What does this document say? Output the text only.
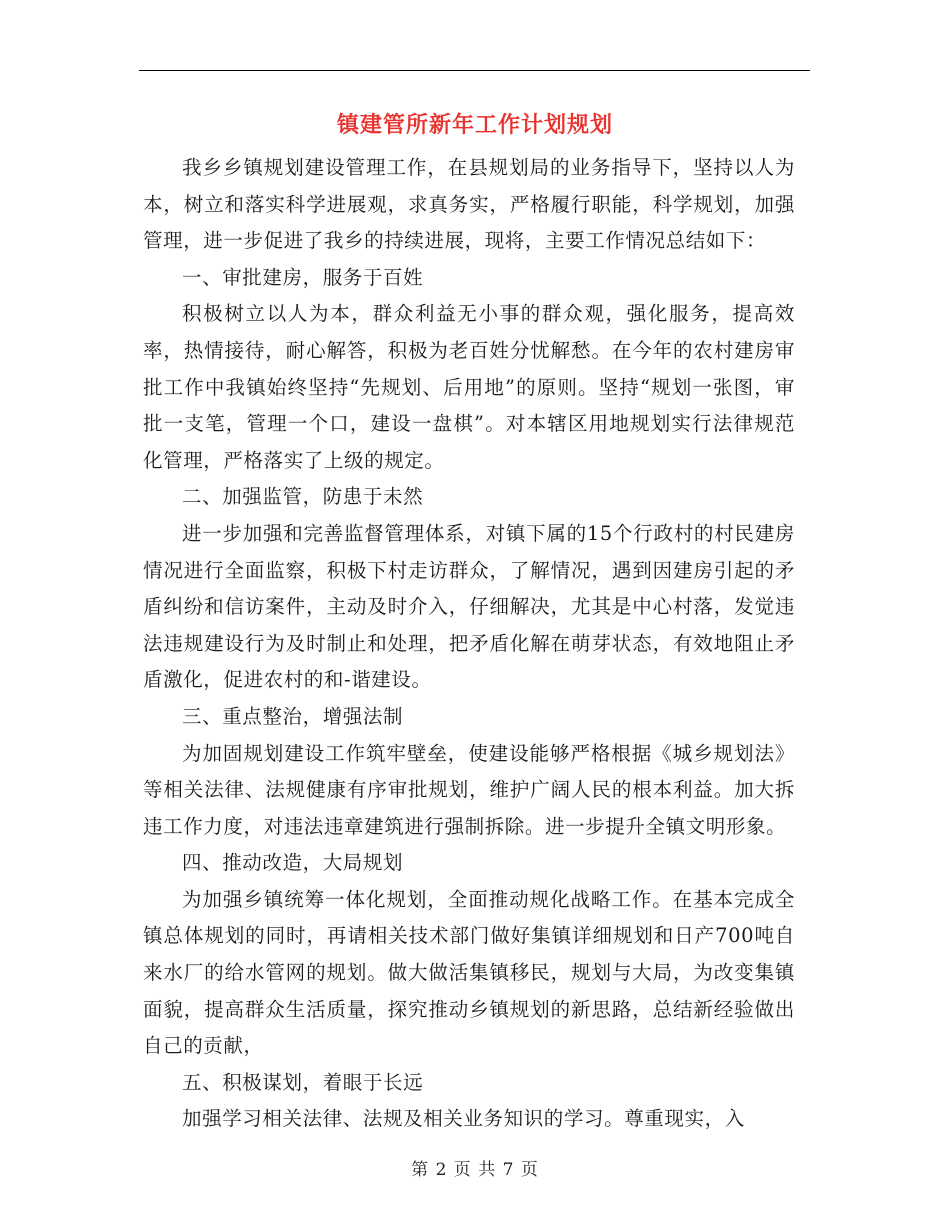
镇建管所新年工作计划规划

我乡乡镇规划建设管理工作，在县规划局的业务指导下，坚持以人为本，树立和落实科学进展观，求真务实，严格履行职能，科学规划，加强管理，进一步促进了我乡的持续进展，现将，主要工作情况总结如下：

一、审批建房，服务于百姓

积极树立以人为本，群众利益无小事的群众观，强化服务，提高效率，热情接待，耐心解答，积极为老百姓分忧解愁。在今年的农村建房审批工作中我镇始终坚持“先规划、后用地”的原则。坚持“规划一张图，审批一支笔，管理一个口，建设一盘棋”。对本辖区用地规划实行法律规范化管理，严格落实了上级的规定。

二、加强监管，防患于未然

进一步加强和完善监督管理体系，对镇下属的15个行政村的村民建房情况进行全面监察，积极下村走访群众，了解情况，遇到因建房引起的矛盾纠纷和信访案件，主动及时介入，仔细解决，尤其是中心村落，发觉违法违规建设行为及时制止和处理，把矛盾化解在萌芽状态，有效地阻止矛盾激化，促进农村的和-谐建设。

三、重点整治，增强法制

为加固规划建设工作筑牢壁垒，使建设能够严格根据《城乡规划法》等相关法律、法规健康有序审批规划，维护广阔人民的根本利益。加大拆违工作力度，对违法违章建筑进行强制拆除。进一步提升全镇文明形象。

四、推动改造，大局规划

为加强乡镇统筹一体化规划，全面推动规化战略工作。在基本完成全镇总体规划的同时，再请相关技术部门做好集镇详细规划和日产700吨自来水厂的给水管网的规划。做大做活集镇移民，规划与大局，为改变集镇面貌，提高群众生活质量，探究推动乡镇规划的新思路，总结新经验做出自己的贡献，

五、积极谋划，着眼于长远

加强学习相关法律、法规及相关业务知识的学习。尊重现实，入

第 2 页 共 7 页
